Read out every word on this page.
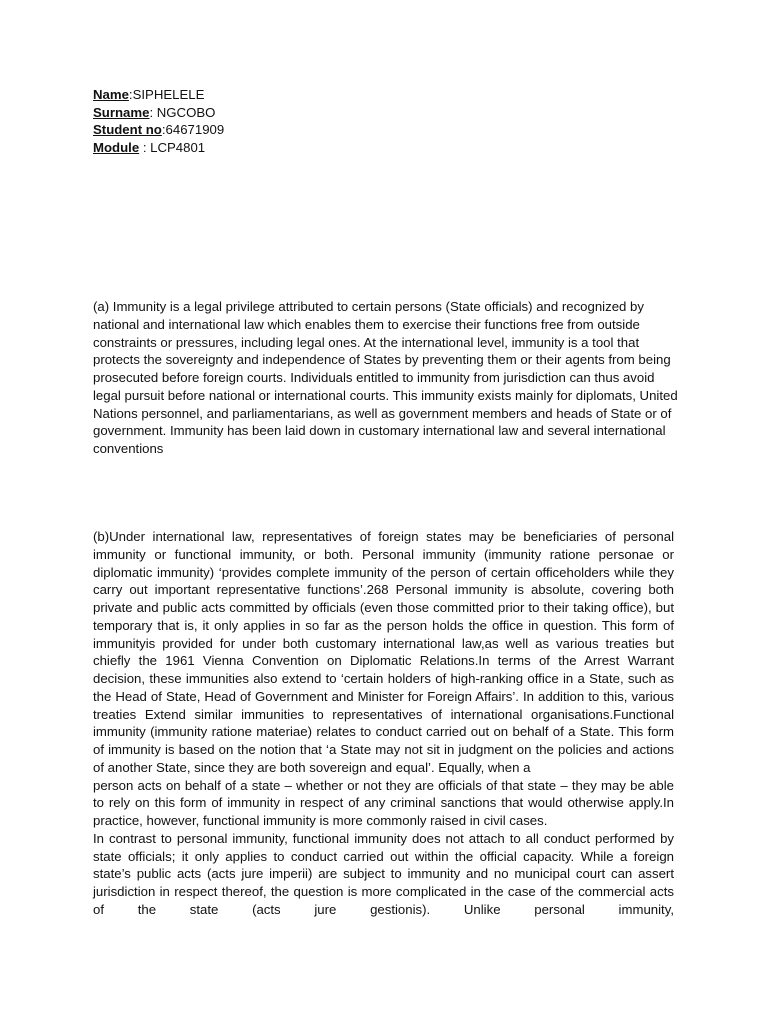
Name:SIPHELELE
Surname: NGCOBO
Student no:64671909
Module : LCP4801

(a) Immunity is a legal privilege attributed to certain persons (State officials) and recognized by national and international law which enables them to exercise their functions free from outside constraints or pressures, including legal ones. At the international level, immunity is a tool that protects the sovereignty and independence of States by preventing them or their agents from being prosecuted before foreign courts. Individuals entitled to immunity from jurisdiction can thus avoid legal pursuit before national or international courts. This immunity exists mainly for diplomats, United Nations personnel, and parliamentarians, as well as government members and heads of State or of government. Immunity has been laid down in customary international law and several international conventions

(b)Under international law, representatives of foreign states may be beneficiaries of personal immunity or functional immunity, or both. Personal immunity (immunity ratione personae or diplomatic immunity) ‘provides complete immunity of the person of certain officeholders while they carry out important representative functions’.268 Personal immunity is absolute, covering both private and public acts committed by officials (even those committed prior to their taking office), but temporary that is, it only applies in so far as the person holds the office in question. This form of immunityis provided for under both customary international law,as well as various treaties but chiefly the 1961 Vienna Convention on Diplomatic Relations.In terms of the Arrest Warrant decision, these immunities also extend to ‘certain holders of high-ranking office in a State, such as the Head of State, Head of Government and Minister for Foreign Affairs’. In addition to this, various treaties Extend similar immunities to representatives of international organisations.Functional immunity (immunity ratione materiae) relates to conduct carried out on behalf of a State. This form of immunity is based on the notion that ‘a State may not sit in judgment on the policies and actions of another State, since they are both sovereign and equal’. Equally, when a

person acts on behalf of a state – whether or not they are officials of that state – they may be able to rely on this form of immunity in respect of any criminal sanctions that would otherwise apply.In practice, however, functional immunity is more commonly raised in civil cases.

In contrast to personal immunity, functional immunity does not attach to all conduct performed by state officials; it only applies to conduct carried out within the official capacity. While a foreign state’s public acts (acts jure imperii) are subject to immunity and no municipal court can assert jurisdiction in respect thereof, the question is more complicated in the case of the commercial acts of the state (acts jure gestionis). Unlike personal immunity,
